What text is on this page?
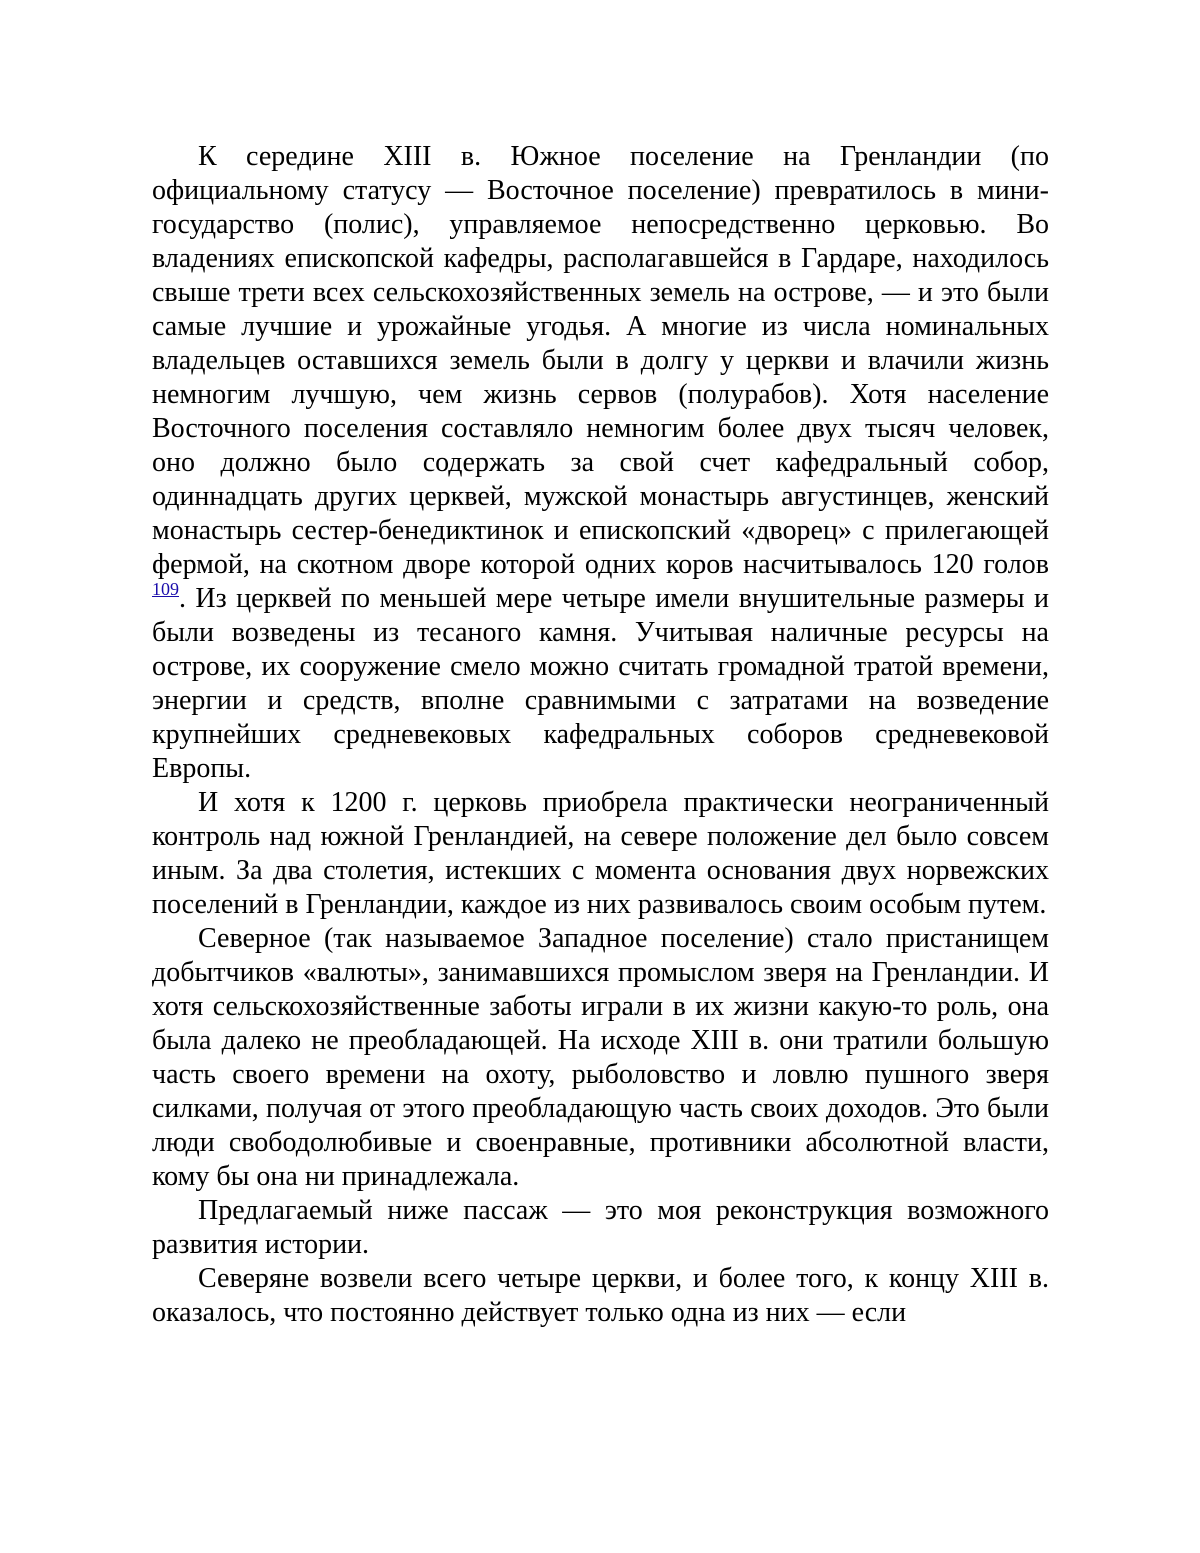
К середине XIII в. Южное поселение на Гренландии (по официальному статусу — Восточное поселение) превратилось в мини-государство (полис), управляемое непосредственно церковью. Во владениях епископской кафедры, располагавшейся в Гардаре, находилось свыше трети всех сельскохозяйственных земель на острове, — и это были самые лучшие и урожайные угодья. А многие из числа номинальных владельцев оставшихся земель были в долгу у церкви и влачили жизнь немногим лучшую, чем жизнь сервов (полурабов). Хотя население Восточного поселения составляло немногим более двух тысяч человек, оно должно было содержать за свой счет кафедральный собор, одиннадцать других церквей, мужской монастырь августинцев, женский монастырь сестер-бенедиктинок и епископский «дворец» с прилегающей фермой, на скотном дворе которой одних коров насчитывалось 120 голов $^{109}$. Из церквей по меньшей мере четыре имели внушительные размеры и были возведены из тесаного камня. Учитывая наличные ресурсы на острове, их сооружение смело можно считать громадной тратой времени, энергии и средств, вполне сравнимыми с затратами на возведение крупнейших средневековых кафедральных соборов средневековой Европы.

И хотя к 1200 г. церковь приобрела практически неограниченный контроль над южной Гренландией, на севере положение дел было совсем иным. За два столетия, истекших с момента основания двух норвежских поселений в Гренландии, каждое из них развивалось своим особым путем.

Северное (так называемое Западное поселение) стало пристанищем добытчиков «валюты», занимавшихся промыслом зверя на Гренландии. И хотя сельскохозяйственные заботы играли в их жизни какую-то роль, она была далеко не преобладающей. На исходе XIII в. они тратили большую часть своего времени на охоту, рыболовство и ловлю пушного зверя силками, получая от этого преобладающую часть своих доходов. Это были люди свободолюбивые и своенравные, противники абсолютной власти, кому бы она ни принадлежала.

Предлагаемый ниже пассаж — это моя реконструкция возможного развития истории.

Северяне возвели всего четыре церкви, и более того, к концу XIII в. оказалось, что постоянно действует только одна из них — если
